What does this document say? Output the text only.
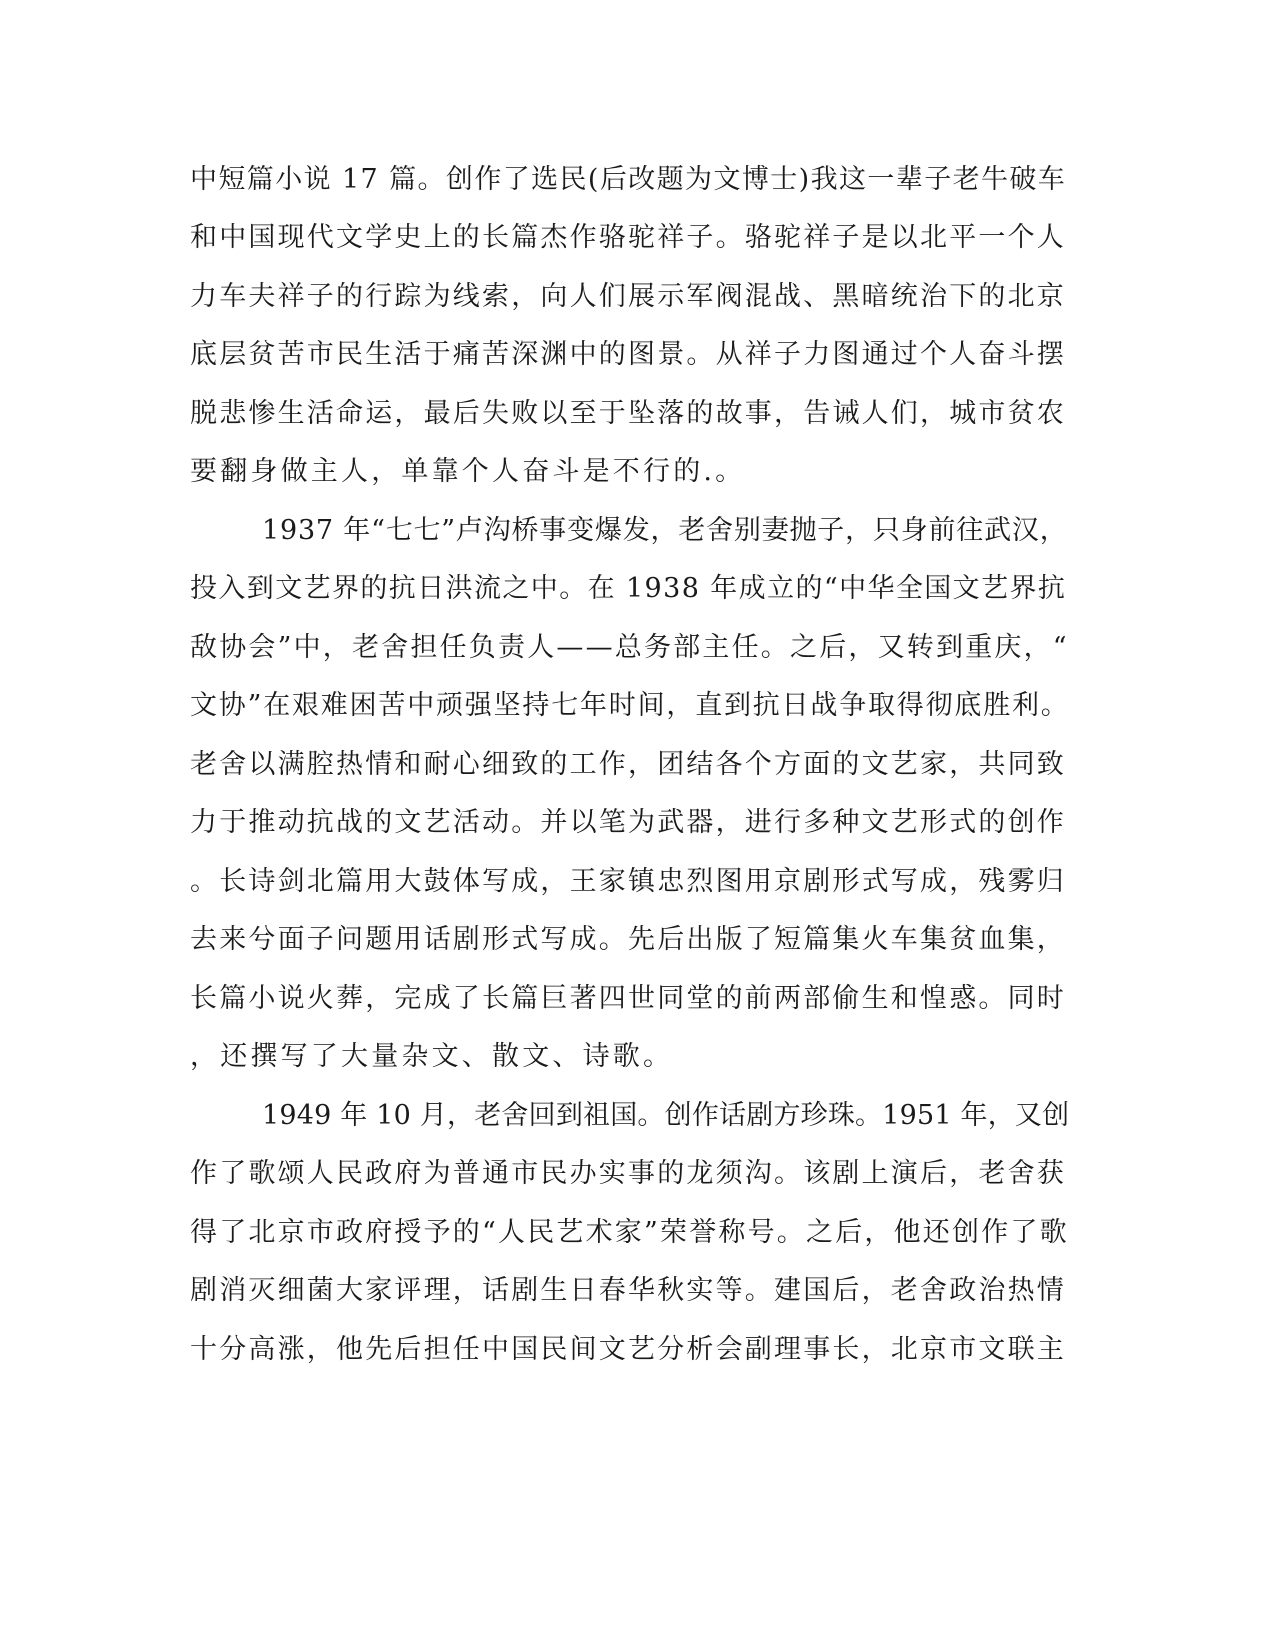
中短篇小说 17 篇。创作了选民(后改题为文博士)我这一辈子老牛破车
和中国现代文学史上的长篇杰作骆驼祥子。骆驼祥子是以北平一个人
力车夫祥子的行踪为线索，向人们展示军阀混战、黑暗统治下的北京
底层贫苦市民生活于痛苦深渊中的图景。从祥子力图通过个人奋斗摆
脱悲惨生活命运，最后失败以至于坠落的故事，告诫人们，城市贫农
要翻身做主人，单靠个人奋斗是不行的.。
1937 年“七七”卢沟桥事变爆发，老舍别妻抛子，只身前往武汉，
投入到文艺界的抗日洪流之中。在 1938 年成立的“中华全国文艺界抗
敌协会”中，老舍担任负责人——总务部主任。之后，又转到重庆，“
文协”在艰难困苦中顽强坚持七年时间，直到抗日战争取得彻底胜利。
老舍以满腔热情和耐心细致的工作，团结各个方面的文艺家，共同致
力于推动抗战的文艺活动。并以笔为武器，进行多种文艺形式的创作
。长诗剑北篇用大鼓体写成，王家镇忠烈图用京剧形式写成，残雾归
去来兮面子问题用话剧形式写成。先后出版了短篇集火车集贫血集，
长篇小说火葬，完成了长篇巨著四世同堂的前两部偷生和惶惑。同时
，还撰写了大量杂文、散文、诗歌。
1949 年 10 月，老舍回到祖国。创作话剧方珍珠。1951 年，又创
作了歌颂人民政府为普通市民办实事的龙须沟。该剧上演后，老舍获
得了北京市政府授予的“人民艺术家”荣誉称号。之后，他还创作了歌
剧消灭细菌大家评理，话剧生日春华秋实等。建国后，老舍政治热情
十分高涨，他先后担任中国民间文艺分析会副理事长，北京市文联主
